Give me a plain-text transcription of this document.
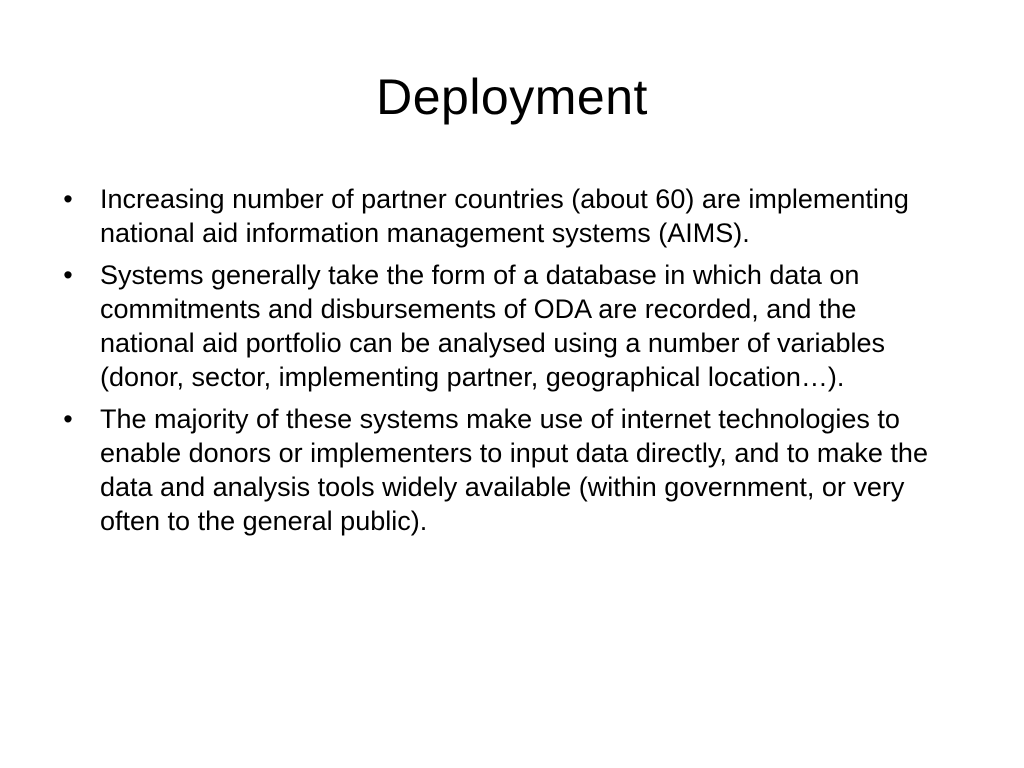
Deployment
• Increasing number of partner countries (about 60) are implementing national aid information management systems (AIMS).
• Systems generally take the form of a database in which data on commitments and disbursements of ODA are recorded, and the national aid portfolio can be analysed using a number of variables (donor, sector, implementing partner, geographical location…).
• The majority of these systems make use of internet technologies to enable donors or implementers to input data directly, and to make the data and analysis tools widely available (within government, or very often to the general public).
